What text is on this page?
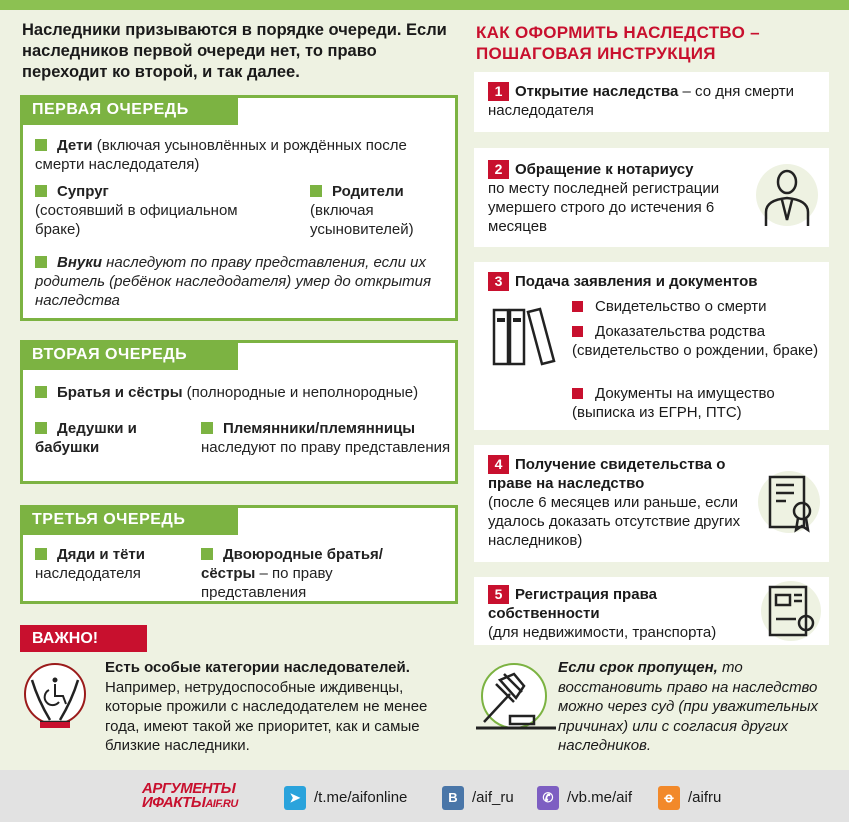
Наследники призываются в порядке очереди. Если наследников первой очереди нет, то право переходит ко второй, и так далее.
ПЕРВАЯ ОЧЕРЕДЬ
Дети (включая усыновлённых и рождённых после смерти наследодателя)
Супруг
(состоявший в официальном браке)
Родители
(включая усыновителей)
Внуки наследуют по праву представления, если их родитель (ребёнок наследодателя) умер до открытия наследства
ВТОРАЯ ОЧЕРЕДЬ
Братья и сёстры (полнородные и неполнородные)
Дедушки и бабушки
Племянники/племянницы
наследуют по праву представления
ТРЕТЬЯ ОЧЕРЕДЬ
Дяди и тёти
наследодателя
Двоюродные братья/ сёстры – по праву представления
ВАЖНО!
Есть особые категории наследователей. Например, нетрудоспособные иждивенцы, которые прожили с наследодателем не менее года, имеют такой же приоритет, как и самые близкие наследники.
КАК ОФОРМИТЬ НАСЛЕДСТВО – ПОШАГОВАЯ ИНСТРУКЦИЯ
1 Открытие наследства – со дня смерти наследодателя
2 Обращение к нотариусу
по месту последней регистрации умершего строго до истечения 6 месяцев
3 Подача заявления и документов
Свидетельство о смерти
Доказательства родства (свидетельство о рождении, браке)
Документы на имущество (выписка из ЕГРН, ПТС)
4 Получение свидетельства о праве на наследство
(после 6 месяцев или раньше, если удалось доказать отсутствие других наследников)
5 Регистрация права собственности
(для недвижимости, транспорта)
Если срок пропущен, то восстановить право на наследство можно через суд (при уважительных причинах) или с согласия других наследников.
АРГУМЕНТЫ
ИФАКТЫAIF.RU	➤ /t.me/aifonline	В /aif_ru	✆ /vb.me/aif	ꝋ /aifru
